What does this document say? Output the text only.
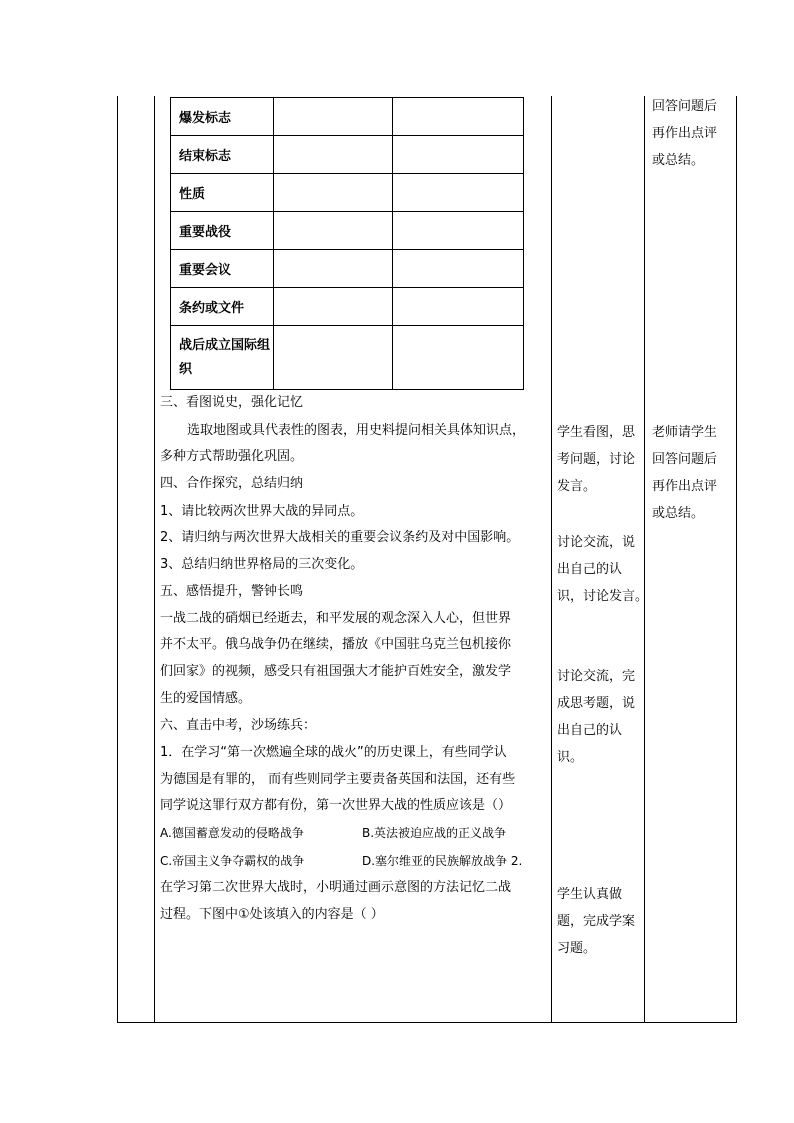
爆发标志		
结束标志		
性质		
重要战役		
重要会议		
条约或文件		
战后成立国际组织		
三、看图说史，强化记忆
选取地图或具代表性的图表，用史料提问相关具体知识点，
多种方式帮助强化巩固。
四、合作探究，总结归纳
1、请比较两次世界大战的异同点。
2、请归纳与两次世界大战相关的重要会议条约及对中国影响。
3、总结归纳世界格局的三次变化。
五、感悟提升，警钟长鸣
一战二战的硝烟已经逝去，和平发展的观念深入人心，但世界
并不太平。俄乌战争仍在继续，播放《中国驻乌克兰包机接你
们回家》的视频，感受只有祖国强大才能护百姓安全，激发学
生的爱国情感。
六、直击中考，沙场练兵：
1．在学习“第一次燃遍全球的战火”的历史课上，有些同学认
为德国是有罪的， 而有些则同学主要责备英国和法国，还有些
同学说这罪行双方都有份，第一次世界大战的性质应该是（）
A.德国蓄意发动的侵略战争	B.英法被迫应战的正义战争
C.帝国主义争夺霸权的战争	D.塞尔维亚的民族解放战争 2.
在学习第二次世界大战时，小明通过画示意图的方法记忆二战
过程。下图中①处该填入的内容是（ ）
学生看图，思
考问题，讨论
发言。
讨论交流，说
出自己的认
识，讨论发言。
讨论交流，完
成思考题，说
出自己的认
识。
学生认真做
题，完成学案
习题。
回答问题后
再作出点评
或总结。
老师请学生
回答问题后
再作出点评
或总结。
